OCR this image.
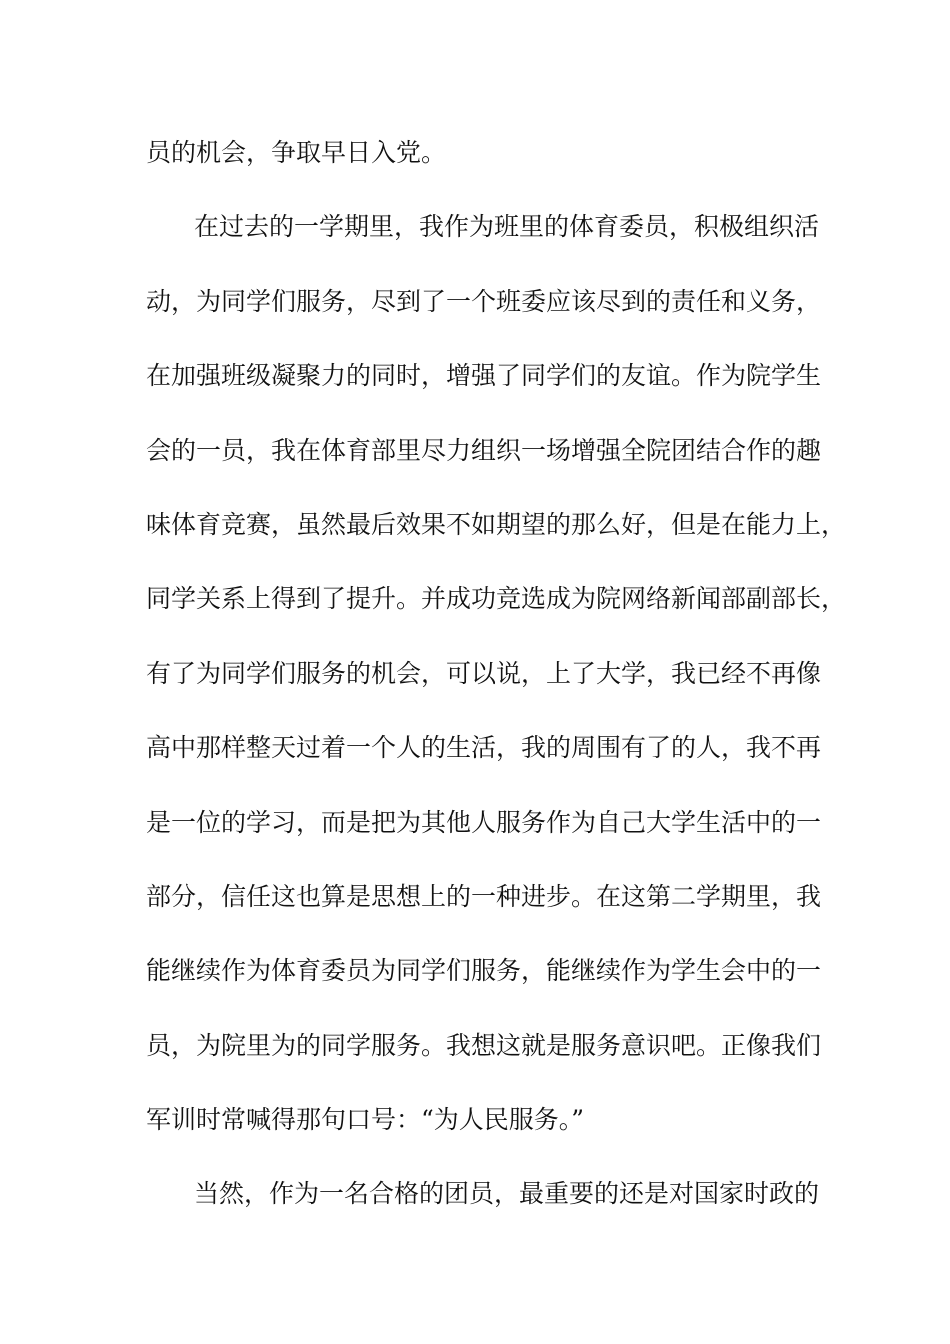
员的机会，争取早日入党。
在过去的一学期里，我作为班里的体育委员，积极组织活
动，为同学们服务，尽到了一个班委应该尽到的责任和义务，
在加强班级凝聚力的同时，增强了同学们的友谊。作为院学生
会的一员，我在体育部里尽力组织一场增强全院团结合作的趣
味体育竞赛，虽然最后效果不如期望的那么好，但是在能力上，
同学关系上得到了提升。并成功竞选成为院网络新闻部副部长，
有了为同学们服务的机会，可以说，上了大学，我已经不再像
高中那样整天过着一个人的生活，我的周围有了的人，我不再
是一位的学习，而是把为其他人服务作为自己大学生活中的一
部分，信任这也算是思想上的一种进步。在这第二学期里，我
能继续作为体育委员为同学们服务，能继续作为学生会中的一
员，为院里为的同学服务。我想这就是服务意识吧。正像我们
军训时常喊得那句口号：“为人民服务。”
当然，作为一名合格的团员，最重要的还是对国家时政的
